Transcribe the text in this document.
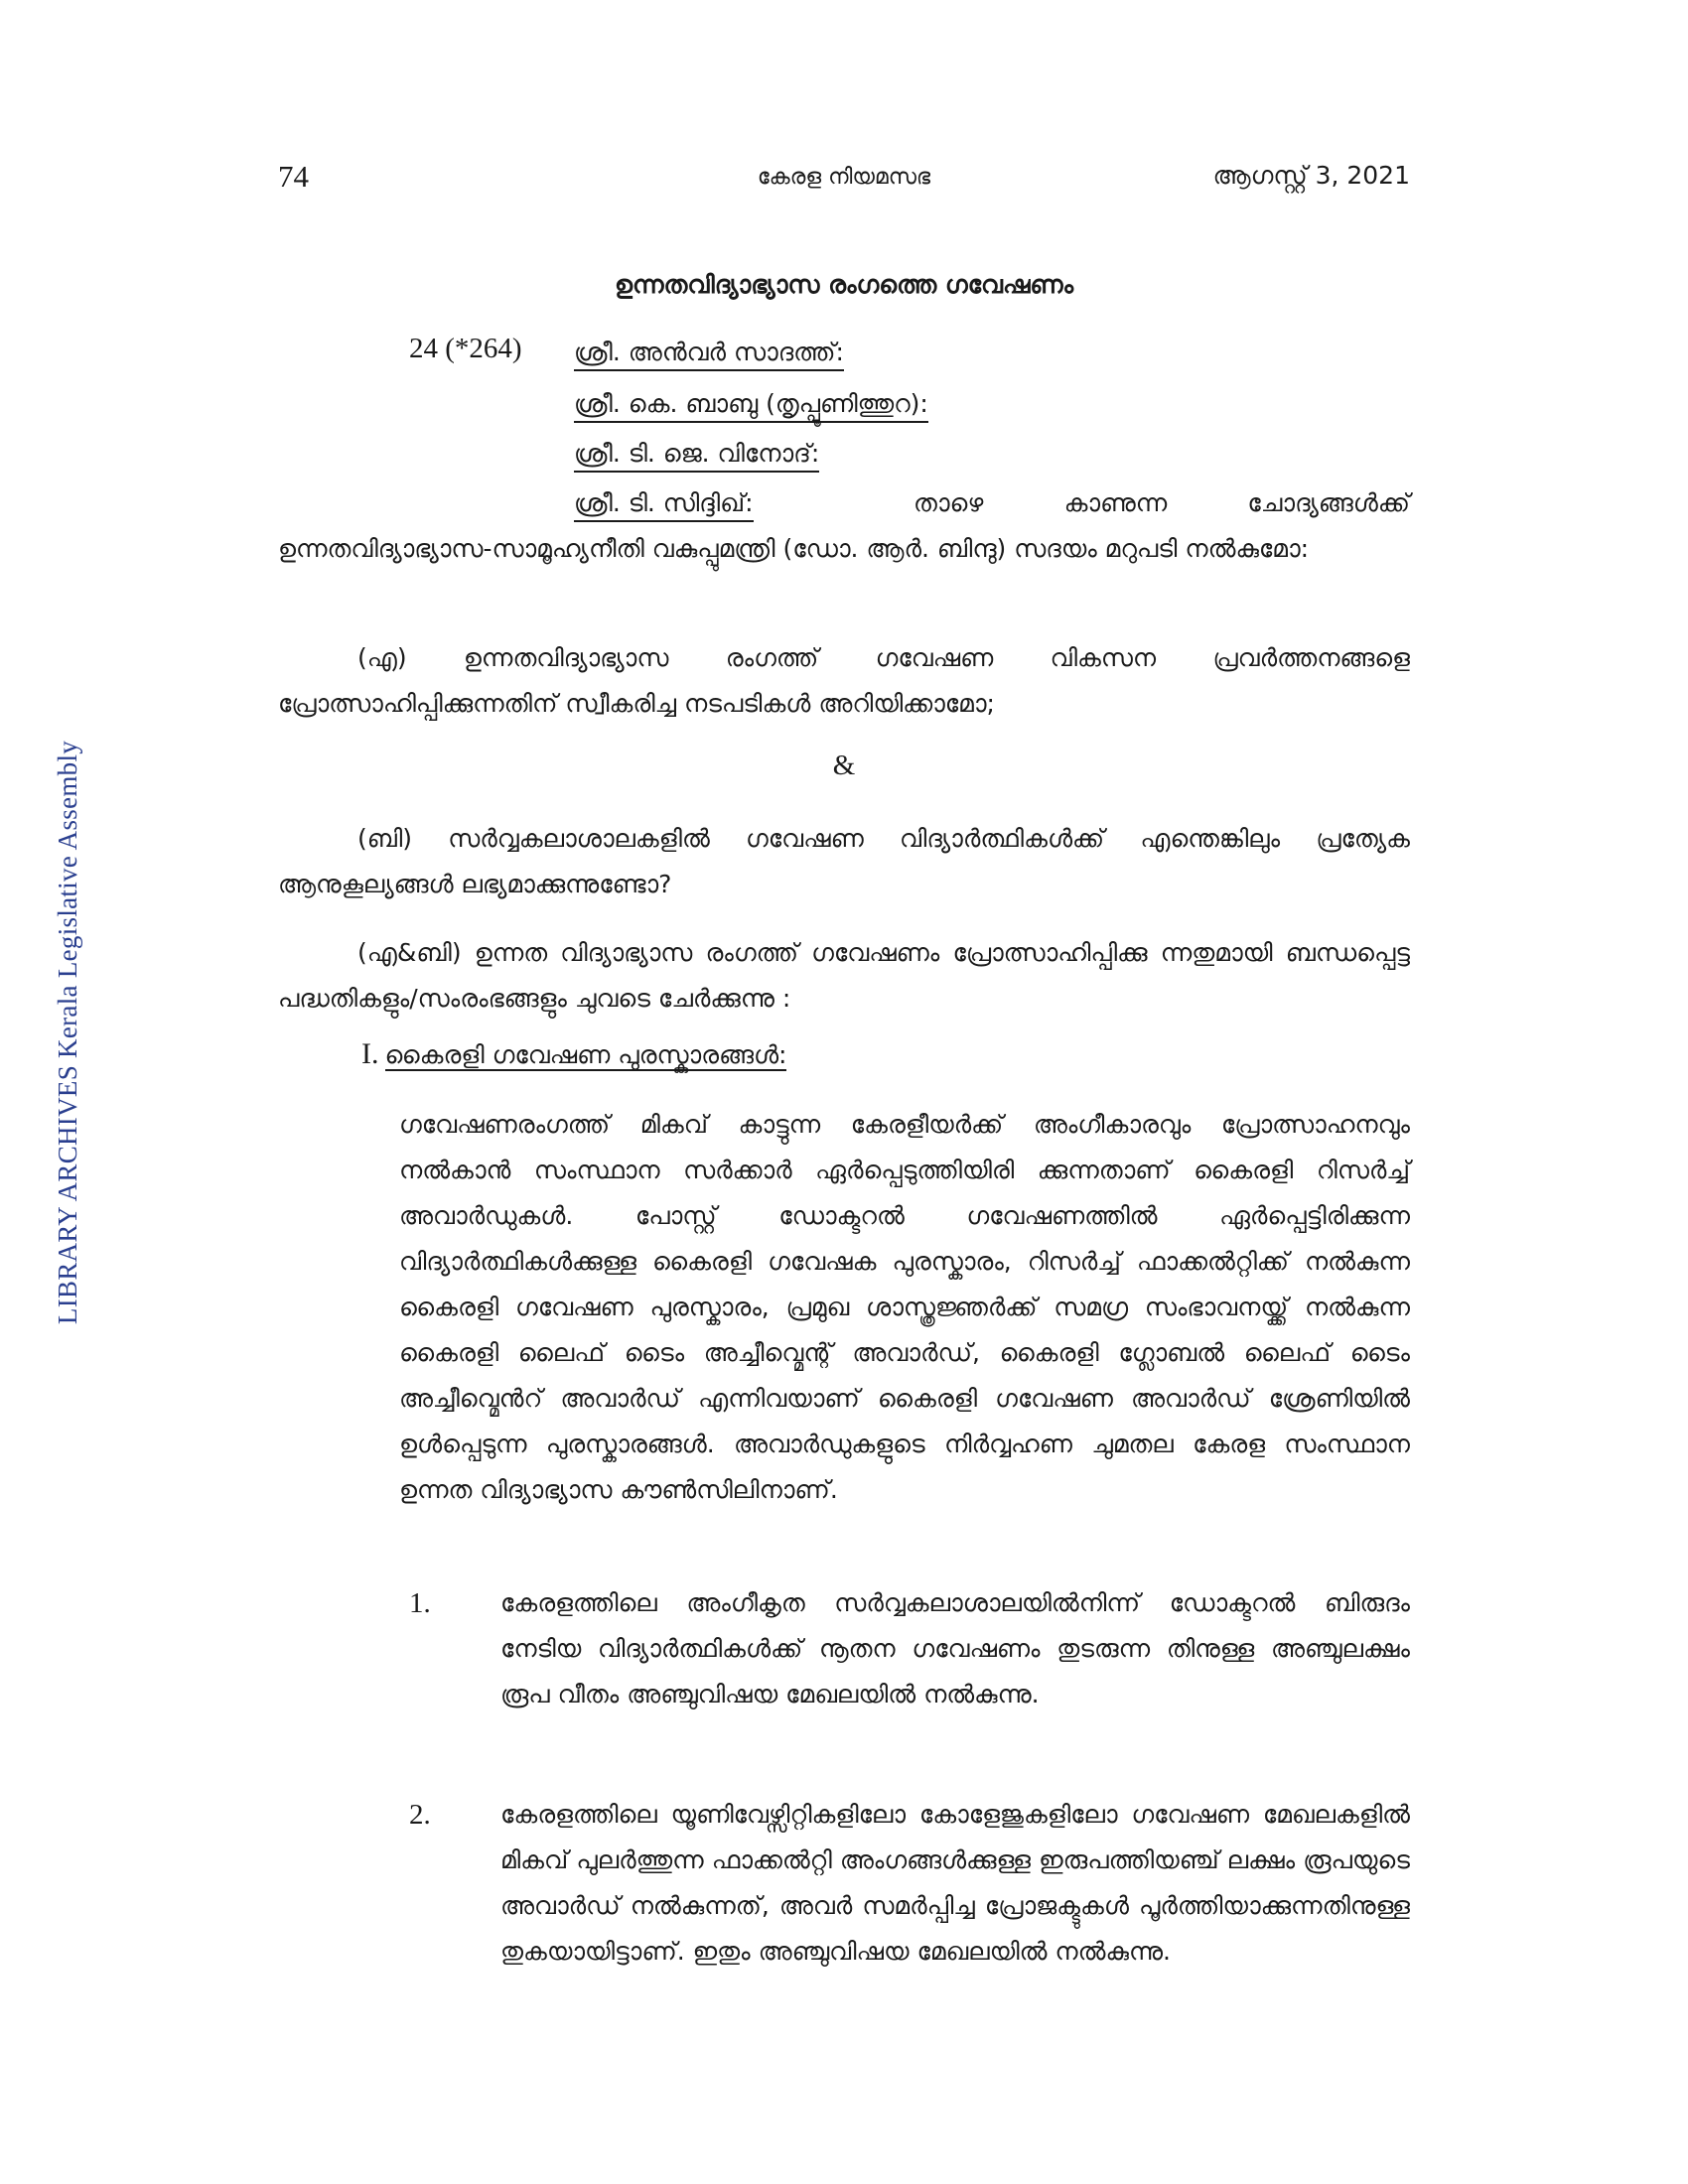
LIBRARY ARCHIVES Kerala Legislative Assembly
74	കേരള നിയമസഭ	ആഗസ്റ്റ് 3, 2021
ഉന്നതവിദ്യാഭ്യാസ രംഗത്തെ ഗവേഷണം
24 (*264) ശ്രീ. അൻവർ സാദത്ത്:
ശ്രീ. കെ. ബാബു (തൃപ്പൂണിത്തുറ):
ശ്രീ. ടി. ജെ. വിനോദ്:
ശ്രീ. ടി. സിദ്ദിഖ്:	താഴെ കാണുന്ന ചോദ്യങ്ങൾക്ക്
ഉന്നതവിദ്യാഭ്യാസ-സാമൂഹ്യനീതി വകുപ്പുമന്ത്രി (ഡോ. ആർ. ബിന്ദു) സദയം മറുപടി നൽകുമോ:
(എ) ഉന്നതവിദ്യാഭ്യാസ രംഗത്ത് ഗവേഷണ വികസന പ്രവർത്തനങ്ങളെ പ്രോത്സാഹിപ്പിക്കുന്നതിന് സ്വീകരിച്ച നടപടികൾ അറിയിക്കാമോ;
&
(ബി) സർവ്വകലാശാലകളിൽ ഗവേഷണ വിദ്യാർത്ഥികൾക്ക് എന്തെങ്കിലും പ്രത്യേക ആനുകൂല്യങ്ങൾ ലഭ്യമാക്കുന്നുണ്ടോ?
(എ&ബി) ഉന്നത വിദ്യാഭ്യാസ രംഗത്ത് ഗവേഷണം പ്രോത്സാഹിപ്പിക്കു ന്നതുമായി ബന്ധപ്പെട്ട പദ്ധതികളും/സംരംഭങ്ങളും ചുവടെ ചേർക്കുന്നു :
I. കൈരളി ഗവേഷണ പുരസ്കാരങ്ങൾ:
ഗവേഷണരംഗത്ത് മികവ് കാട്ടുന്ന കേരളീയർക്ക് അംഗീകാരവും പ്രോത്സാഹനവും നൽകാൻ സംസ്ഥാന സർക്കാർ ഏർപ്പെടുത്തിയിരി ക്കുന്നതാണ് കൈരളി റിസർച്ച് അവാർഡുകൾ. പോസ്റ്റ് ഡോക്ടറൽ ഗവേഷണത്തിൽ ഏർപ്പെട്ടിരിക്കുന്ന വിദ്യാർത്ഥികൾക്കുള്ള കൈരളി ഗവേഷക പുരസ്കാരം, റിസർച്ച് ഫാക്കൽറ്റിക്ക് നൽകുന്ന കൈരളി ഗവേഷണ പുരസ്കാരം, പ്രമുഖ ശാസ്ത്രജ്ഞർക്ക് സമഗ്ര സംഭാവനയ്ക്ക് നൽകുന്ന കൈരളി ലൈഫ് ടൈം അച്ചീവ്മെന്റ് അവാർഡ്, കൈരളി ഗ്ലോബൽ ലൈഫ് ടൈം അച്ചീവ്മെൻറ് അവാർഡ് എന്നിവയാണ് കൈരളി ഗവേഷണ അവാർഡ് ശ്രേണിയിൽ ഉൾപ്പെടുന്ന പുരസ്കാരങ്ങൾ. അവാർഡുകളുടെ നിർവ്വഹണ ചുമതല കേരള സംസ്ഥാന ഉന്നത വിദ്യാഭ്യാസ കൗൺസിലിനാണ്.
1.	കേരളത്തിലെ അംഗീകൃത സർവ്വകലാശാലയിൽനിന്ന് ഡോക്ടറൽ ബിരുദം നേടിയ വിദ്യാർത്ഥികൾക്ക് നൂതന ഗവേഷണം തുടരുന്ന തിനുള്ള അഞ്ചുലക്ഷം രൂപ വീതം അഞ്ചുവിഷയ മേഖലയിൽ നൽകുന്നു.
2.	കേരളത്തിലെ യൂണിവേഴ്സിറ്റികളിലോ കോളേജുകളിലോ ഗവേഷണ മേഖലകളിൽ മികവ് പുലർത്തുന്ന ഫാക്കൽറ്റി അംഗങ്ങൾക്കുള്ള ഇരുപത്തിയഞ്ച് ലക്ഷം രൂപയുടെ അവാർഡ് നൽകുന്നത്, അവർ സമർപ്പിച്ച പ്രോജക്ടുകൾ പൂർത്തിയാക്കുന്നതിനുള്ള തുകയായിട്ടാണ്. ഇതും അഞ്ചുവിഷയ മേഖലയിൽ നൽകുന്നു.
